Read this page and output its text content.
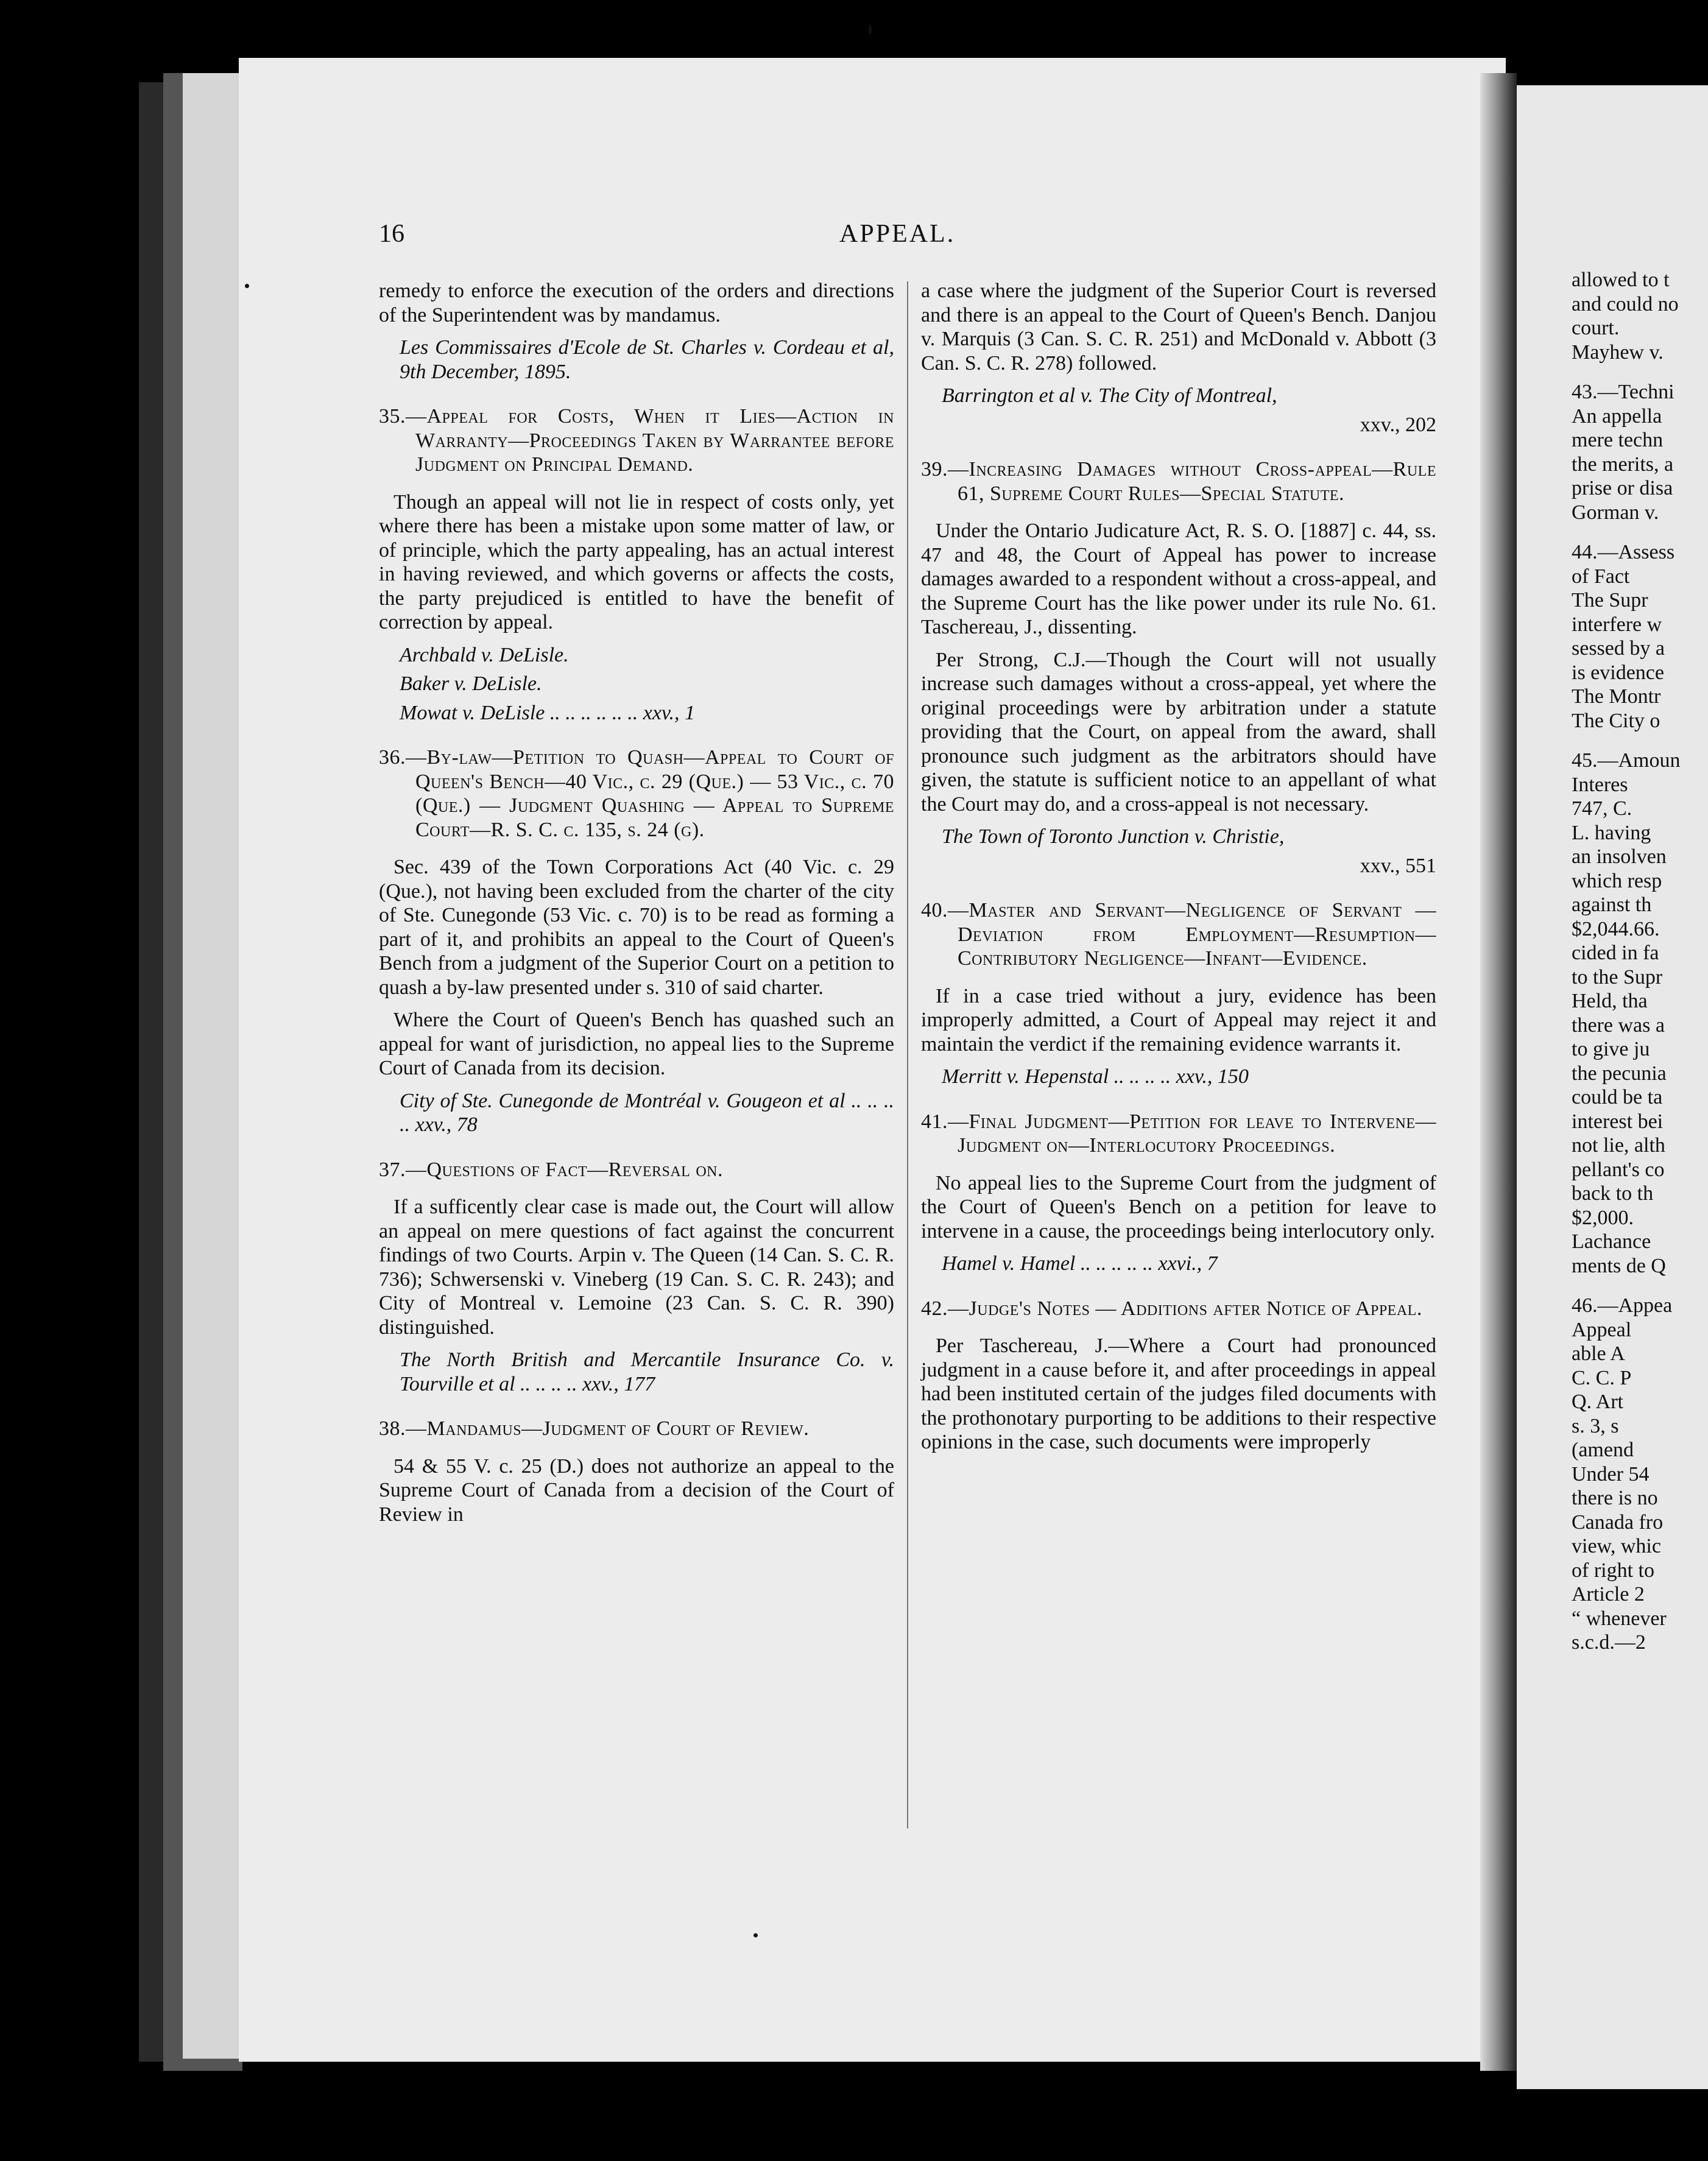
16	APPEAL.

remedy to enforce the execution of the orders and directions of the Superintendent was by mandamus.

Les Commissaires d'Ecole de St. Charles v. Cordeau et al, 9th December, 1895.
35.—Appeal for Costs, When it Lies—Action in Warranty—Proceedings Taken by Warrantee before Judgment on Principal Demand.

Though an appeal will not lie in respect of costs only, yet where there has been a mistake upon some matter of law, or of principle, which the party appealing, has an actual interest in having reviewed, and which governs or affects the costs, the party prejudiced is entitled to have the benefit of correction by appeal.

Archbald v. DeLisle.
Baker v. DeLisle.
Mowat v. DeLisle .. .. .. .. .. .. xxv., 1
36.—By-law—Petition to Quash—Appeal to Court of Queen's Bench—40 Vic., c. 29 (Que.) — 53 Vic., c. 70 (Que.) — Judgment Quashing — Appeal to Supreme Court—R. S. C. c. 135, s. 24 (g).

Sec. 439 of the Town Corporations Act (40 Vic. c. 29 (Que.), not having been excluded from the charter of the city of Ste. Cunegonde (53 Vic. c. 70) is to be read as forming a part of it, and prohibits an appeal to the Court of Queen's Bench from a judgment of the Superior Court on a petition to quash a by-law presented under s. 310 of said charter.

Where the Court of Queen's Bench has quashed such an appeal for want of jurisdiction, no appeal lies to the Supreme Court of Canada from its decision.

City of Ste. Cunegonde de Montréal v. Gougeon et al .. .. .. .. xxv., 78
37.—Questions of Fact—Reversal on.

If a sufficently clear case is made out, the Court will allow an appeal on mere questions of fact against the concurrent findings of two Courts. Arpin v. The Queen (14 Can. S. C. R. 736); Schwersenski v. Vineberg (19 Can. S. C. R. 243); and City of Montreal v. Lemoine (23 Can. S. C. R. 390) distinguished.

The North British and Mercantile Insurance Co. v. Tourville et al .. .. .. .. xxv., 177
38.—Mandamus—Judgment of Court of Review.

54 & 55 V. c. 25 (D.) does not authorize an appeal to the Supreme Court of Canada from a decision of the Court of Review in

a case where the judgment of the Superior Court is reversed and there is an appeal to the Court of Queen's Bench. Danjou v. Marquis (3 Can. S. C. R. 251) and McDonald v. Abbott (3 Can. S. C. R. 278) followed.

Barrington et al v. The City of Montreal,
xxv., 202
39.—Increasing Damages without Cross-appeal—Rule 61, Supreme Court Rules—Special Statute.

Under the Ontario Judicature Act, R. S. O. [1887] c. 44, ss. 47 and 48, the Court of Appeal has power to increase damages awarded to a respondent without a cross-appeal, and the Supreme Court has the like power under its rule No. 61. Taschereau, J., dissenting.

Per Strong, C.J.—Though the Court will not usually increase such damages without a cross-appeal, yet where the original proceedings were by arbitration under a statute providing that the Court, on appeal from the award, shall pronounce such judgment as the arbitrators should have given, the statute is sufficient notice to an appellant of what the Court may do, and a cross-appeal is not necessary.

The Town of Toronto Junction v. Christie,
xxv., 551
40.—Master and Servant—Negligence of Servant — Deviation from Employment—Resumption—Contributory Negligence—Infant—Evidence.

If in a case tried without a jury, evidence has been improperly admitted, a Court of Appeal may reject it and maintain the verdict if the remaining evidence warrants it.

Merritt v. Hepenstal .. .. .. .. xxv., 150
41.—Final Judgment—Petition for leave to Intervene—Judgment on—Interlocutory Proceedings.

No appeal lies to the Supreme Court from the judgment of the Court of Queen's Bench on a petition for leave to intervene in a cause, the proceedings being interlocutory only.

Hamel v. Hamel .. .. .. .. .. xxvi., 7
42.—Judge's Notes — Additions after Notice of Appeal.

Per Taschereau, J.—Where a Court had pronounced judgment in a cause before it, and after proceedings in appeal had been instituted certain of the judges filed documents with the prothonotary purporting to be additions to their respective opinions in the case, such documents were improperly

allowed to t
and could no
court.
Mayhew v.
43.—Techni
An appella
mere techn
the merits, a
prise or disa
Gorman v.
44.—Assess
of Fact
The Supr
interfere w
sessed by a
is evidence
The Montr
The City o
45.—Amoun
Interes
747, C.
L. having
an insolven
which resp
against th
$2,044.66.
cided in fa
to the Supr
Held, tha
there was a
to give ju
the pecunia
could be ta
interest bei
not lie, alth
pellant's co
back to th
$2,000.
Lachance
ments de Q
46.—Appea
Appeal
able A
C. C. P
Q. Art
s. 3, s
(amend
Under 54
there is no
Canada fro
view, whic
of right to
Article 2
“ whenever
s.c.d.—2
